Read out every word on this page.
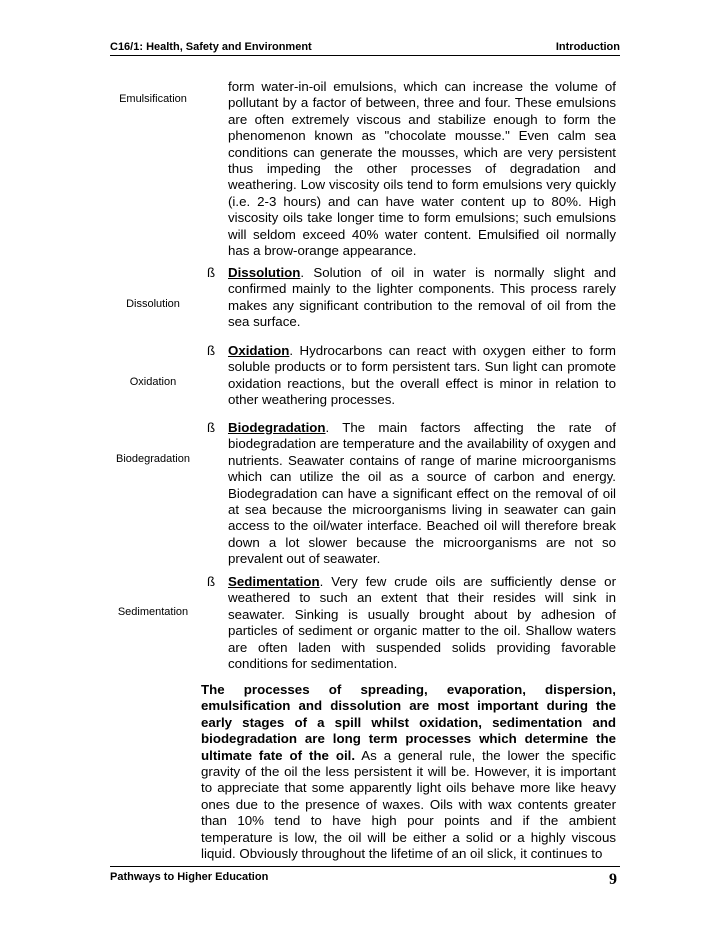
C16/1: Health, Safety and Environment	Introduction
Emulsification
form water-in-oil emulsions, which can increase the volume of pollutant by a factor of between, three and four. These emulsions are often extremely viscous and stabilize enough to form the phenomenon known as "chocolate mousse." Even calm sea conditions can generate the mousses, which are very persistent thus impeding the other processes of degradation and weathering. Low viscosity oils tend to form emulsions very quickly (i.e. 2-3 hours) and can have water content up to 80%. High viscosity oils take longer time to form emulsions; such emulsions will seldom exceed 40% water content. Emulsified oil normally has a brow-orange appearance.
Dissolution
ß Dissolution. Solution of oil in water is normally slight and confirmed mainly to the lighter components. This process rarely makes any significant contribution to the removal of oil from the sea surface.
Oxidation
ß Oxidation. Hydrocarbons can react with oxygen either to form soluble products or to form persistent tars. Sun light can promote oxidation reactions, but the overall effect is minor in relation to other weathering processes.
Biodegradation
ß Biodegradation. The main factors affecting the rate of biodegradation are temperature and the availability of oxygen and nutrients. Seawater contains of range of marine microorganisms which can utilize the oil as a source of carbon and energy. Biodegradation can have a significant effect on the removal of oil at sea because the microorganisms living in seawater can gain access to the oil/water interface. Beached oil will therefore break down a lot slower because the microorganisms are not so prevalent out of seawater.
Sedimentation
ß Sedimentation. Very few crude oils are sufficiently dense or weathered to such an extent that their resides will sink in seawater. Sinking is usually brought about by adhesion of particles of sediment or organic matter to the oil. Shallow waters are often laden with suspended solids providing favorable conditions for sedimentation.
The processes of spreading, evaporation, dispersion, emulsification and dissolution are most important during the early stages of a spill whilst oxidation, sedimentation and biodegradation are long term processes which determine the ultimate fate of the oil. As a general rule, the lower the specific gravity of the oil the less persistent it will be. However, it is important to appreciate that some apparently light oils behave more like heavy ones due to the presence of waxes. Oils with wax contents greater than 10% tend to have high pour points and if the ambient temperature is low, the oil will be either a solid or a highly viscous liquid. Obviously throughout the lifetime of an oil slick, it continues to
Pathways to Higher Education	9
